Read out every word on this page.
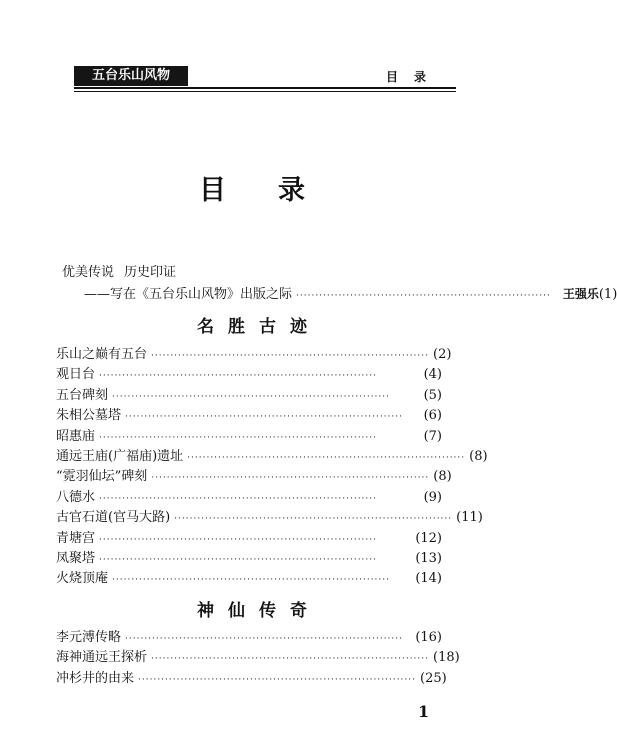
五台乐山风物	目录
目录
优美传说 历史印证
——写在《五台乐山风物》出版之际 ··································································	王强乐 (1)
名胜古迹
乐山之巅有五台 ········································································ (2)
观日台 ········································································	(4)
五台碑刻 ········································································	(5)
朱相公墓塔 ········································································	(6)
昭惠庙 ········································································	(7)
通远王庙(广福庙)遗址 ········································································ (8)
“霓羽仙坛”碑刻 ········································································ (8)
八德水 ········································································	(9)
古官石道(官马大路) ········································································ (11)
青塘宫 ········································································	(12)
凤聚塔 ········································································	(13)
火烧顶庵 ········································································	(14)
神仙传奇
李元溥传略 ········································································ (16)
海神通远王探析 ········································································ (18)
冲杉井的由来 ········································································ (25)
1
